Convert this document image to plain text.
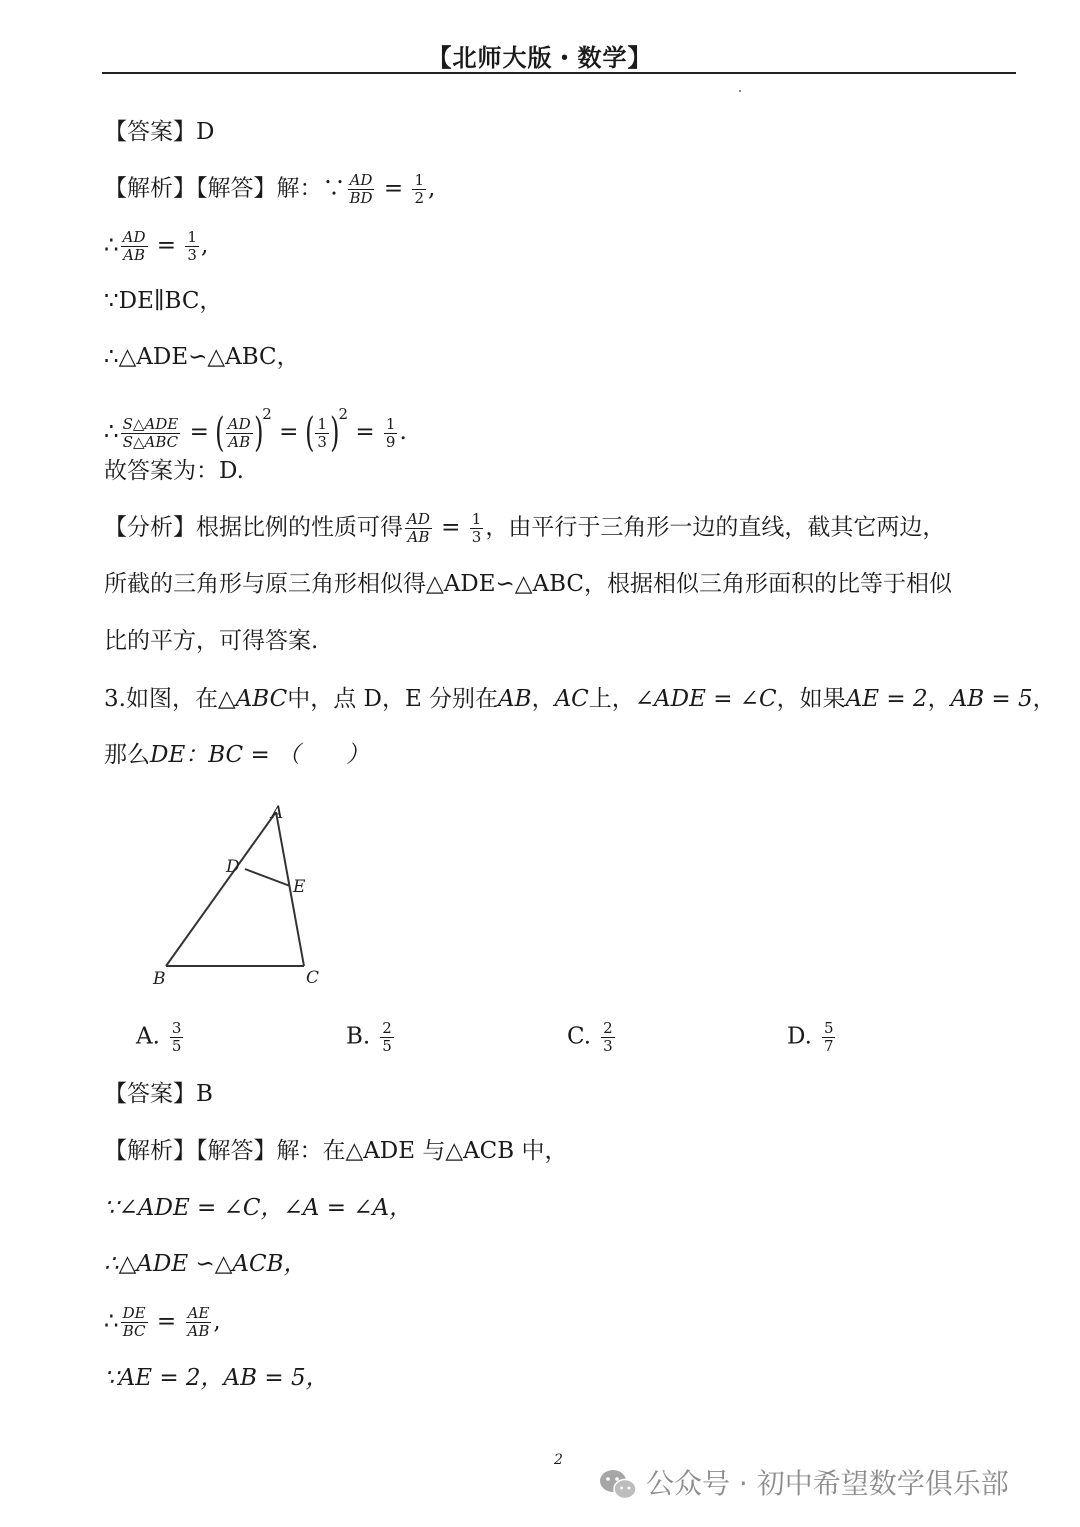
【北师大版・数学】
【答案】D
【解析】【解答】解：∵ $\frac{AD}{BD} = \frac{1}{2}$ ,
∴ $\frac{AD}{AB} = \frac{1}{3}$ ,
∵DE∥BC，
∴△ADE∽△ABC，
∴ $\frac{\text{S△ADE}}{\text{S△ABC}}$ = ( $\frac{AD}{AB} )^2$ = ( $\frac{1}{3} )^2 = \frac{1}{9}$ .
故答案为：D.
【分析】根据比例的性质可得 $\frac{AD}{AB} = \frac{1}{3}$ ，由平行于三角形一边的直线，截其它两边，
所截的三角形与原三角形相似得△ADE∽△ABC，根据相似三角形面积的比等于相似
比的平方，可得答案.
3.如图，在△ABC中，点 D，E 分别在AB，AC上，∠ADE = ∠C，如果AE = 2，AB = 5，
那么DE：BC = （　　）
A
B	C
D
E
A. $\frac{3}{5}$	B. $\frac{2}{5}$	C. $\frac{2}{3}$	D. $\frac{5}{7}$
【答案】B
【解析】【解答】解：在△ADE 与△ACB 中，
∵∠ADE = ∠C，∠A = ∠A，
∴△ADE ∽△ACB，
∴ $\frac{DE}{BC} = \frac{AE}{AB}$ ,
∵AE = 2，AB = 5，
2
公众号 · 初中希望数学俱乐部
